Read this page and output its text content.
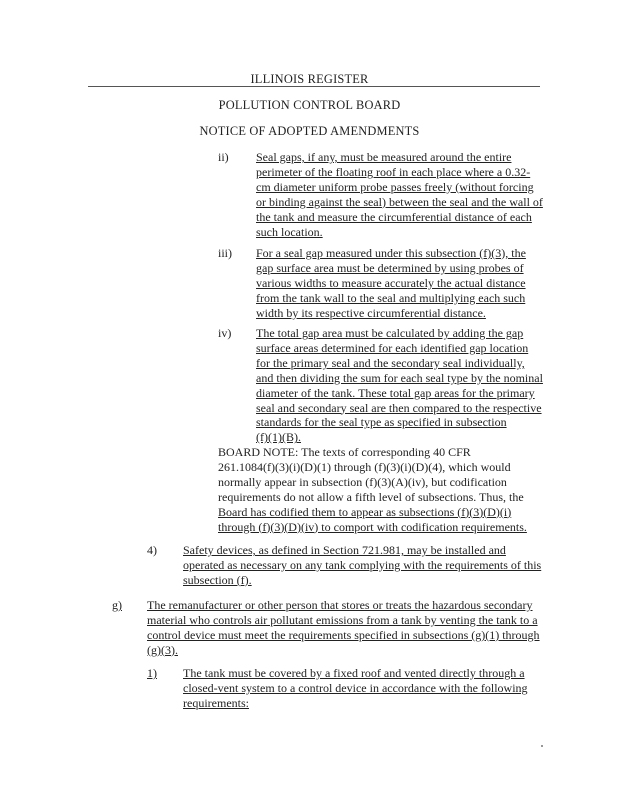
ILLINOIS REGISTER
POLLUTION CONTROL BOARD
NOTICE OF ADOPTED AMENDMENTS
ii) Seal gaps, if any, must be measured around the entire
perimeter of the floating roof in each place where a 0.32-
cm diameter uniform probe passes freely (without forcing
or binding against the seal) between the seal and the wall of
the tank and measure the circumferential distance of each
such location.
iii) For a seal gap measured under this subsection (f)(3), the
gap surface area must be determined by using probes of
various widths to measure accurately the actual distance
from the tank wall to the seal and multiplying each such
width by its respective circumferential distance.
iv) The total gap area must be calculated by adding the gap
surface areas determined for each identified gap location
for the primary seal and the secondary seal individually,
and then dividing the sum for each seal type by the nominal
diameter of the tank. These total gap areas for the primary
seal and secondary seal are then compared to the respective
standards for the seal type as specified in subsection
(f)(1)(B).
BOARD NOTE: The texts of corresponding 40 CFR
261.1084(f)(3)(i)(D)(1) through (f)(3)(i)(D)(4), which would
normally appear in subsection (f)(3)(A)(iv), but codification
requirements do not allow a fifth level of subsections. Thus, the
Board has codified them to appear as subsections (f)(3)(D)(i)
through (f)(3)(D)(iv) to comport with codification requirements.
4) Safety devices, as defined in Section 721.981, may be installed and
operated as necessary on any tank complying with the requirements of this
subsection (f).
g) The remanufacturer or other person that stores or treats the hazardous secondary
material who controls air pollutant emissions from a tank by venting the tank to a
control device must meet the requirements specified in subsections (g)(1) through
(g)(3).
1) The tank must be covered by a fixed roof and vented directly through a
closed-vent system to a control device in accordance with the following
requirements:
